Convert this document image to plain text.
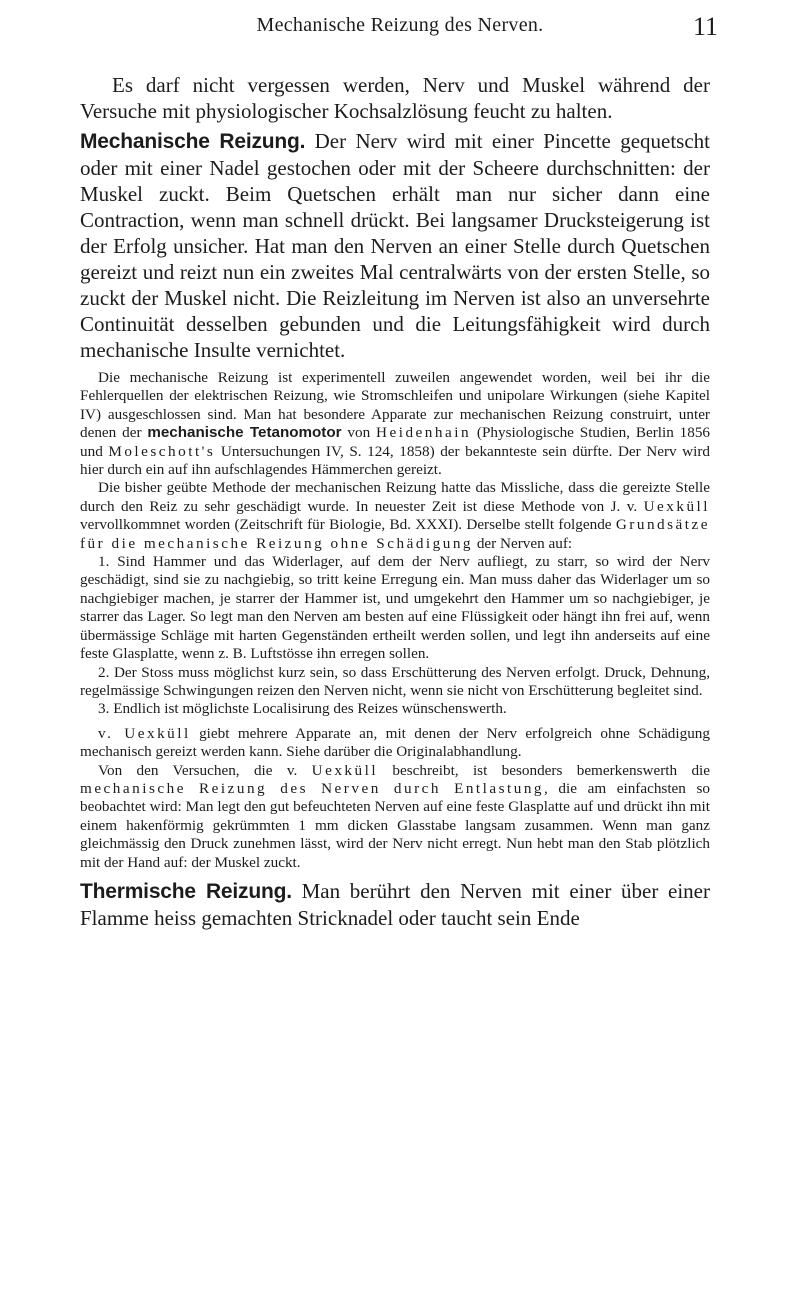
Mechanische Reizung des Nerven.	11

Es darf nicht vergessen werden, Nerv und Muskel während der Versuche mit physiologischer Kochsalzlösung feucht zu halten.

Mechanische Reizung. Der Nerv wird mit einer Pincette gequetscht oder mit einer Nadel gestochen oder mit der Scheere durchschnitten: der Muskel zuckt. Beim Quetschen erhält man nur sicher dann eine Contraction, wenn man schnell drückt. Bei langsamer Drucksteigerung ist der Erfolg unsicher. Hat man den Nerven an einer Stelle durch Quetschen gereizt und reizt nun ein zweites Mal centralwärts von der ersten Stelle, so zuckt der Muskel nicht. Die Reizleitung im Nerven ist also an unversehrte Continuität desselben gebunden und die Leitungsfähigkeit wird durch mechanische Insulte vernichtet.

Die mechanische Reizung ist experimentell zuweilen angewendet worden, weil bei ihr die Fehlerquellen der elektrischen Reizung, wie Stromschleifen und unipolare Wirkungen (siehe Kapitel IV) ausgeschlossen sind. Man hat besondere Apparate zur mechanischen Reizung construirt, unter denen der mechanische Tetanomotor von Heidenhain (Physiologische Studien, Berlin 1856 und Moleschott's Untersuchungen IV, S. 124, 1858) der bekannteste sein dürfte. Der Nerv wird hier durch ein auf ihn aufschlagendes Hämmerchen gereizt.

Die bisher geübte Methode der mechanischen Reizung hatte das Missliche, dass die gereizte Stelle durch den Reiz zu sehr geschädigt wurde. In neuester Zeit ist diese Methode von J. v. Uexküll vervollkommnet worden (Zeitschrift für Biologie, Bd. XXXI). Derselbe stellt folgende Grundsätze für die mechanische Reizung ohne Schädigung der Nerven auf:

1. Sind Hammer und das Widerlager, auf dem der Nerv aufliegt, zu starr, so wird der Nerv geschädigt, sind sie zu nachgiebig, so tritt keine Erregung ein. Man muss daher das Widerlager um so nachgiebiger machen, je starrer der Hammer ist, und umgekehrt den Hammer um so nachgiebiger, je starrer das Lager. So legt man den Nerven am besten auf eine Flüssigkeit oder hängt ihn frei auf, wenn übermässige Schläge mit harten Gegenständen ertheilt werden sollen, und legt ihn anderseits auf eine feste Glasplatte, wenn z. B. Luftstösse ihn erregen sollen.

2. Der Stoss muss möglichst kurz sein, so dass Erschütterung des Nerven erfolgt. Druck, Dehnung, regelmässige Schwingungen reizen den Nerven nicht, wenn sie nicht von Erschütterung begleitet sind.

3. Endlich ist möglichste Localisirung des Reizes wünschenswerth.

v. Uexküll giebt mehrere Apparate an, mit denen der Nerv erfolgreich ohne Schädigung mechanisch gereizt werden kann. Siehe darüber die Originalabhandlung.

Von den Versuchen, die v. Uexküll beschreibt, ist besonders bemerkenswerth die mechanische Reizung des Nerven durch Entlastung, die am einfachsten so beobachtet wird: Man legt den gut befeuchteten Nerven auf eine feste Glasplatte auf und drückt ihn mit einem hakenförmig gekrümmten 1 mm dicken Glasstabe langsam zusammen. Wenn man ganz gleichmässig den Druck zunehmen lässt, wird der Nerv nicht erregt. Nun hebt man den Stab plötzlich mit der Hand auf: der Muskel zuckt.

Thermische Reizung. Man berührt den Nerven mit einer über einer Flamme heiss gemachten Stricknadel oder taucht sein Ende
